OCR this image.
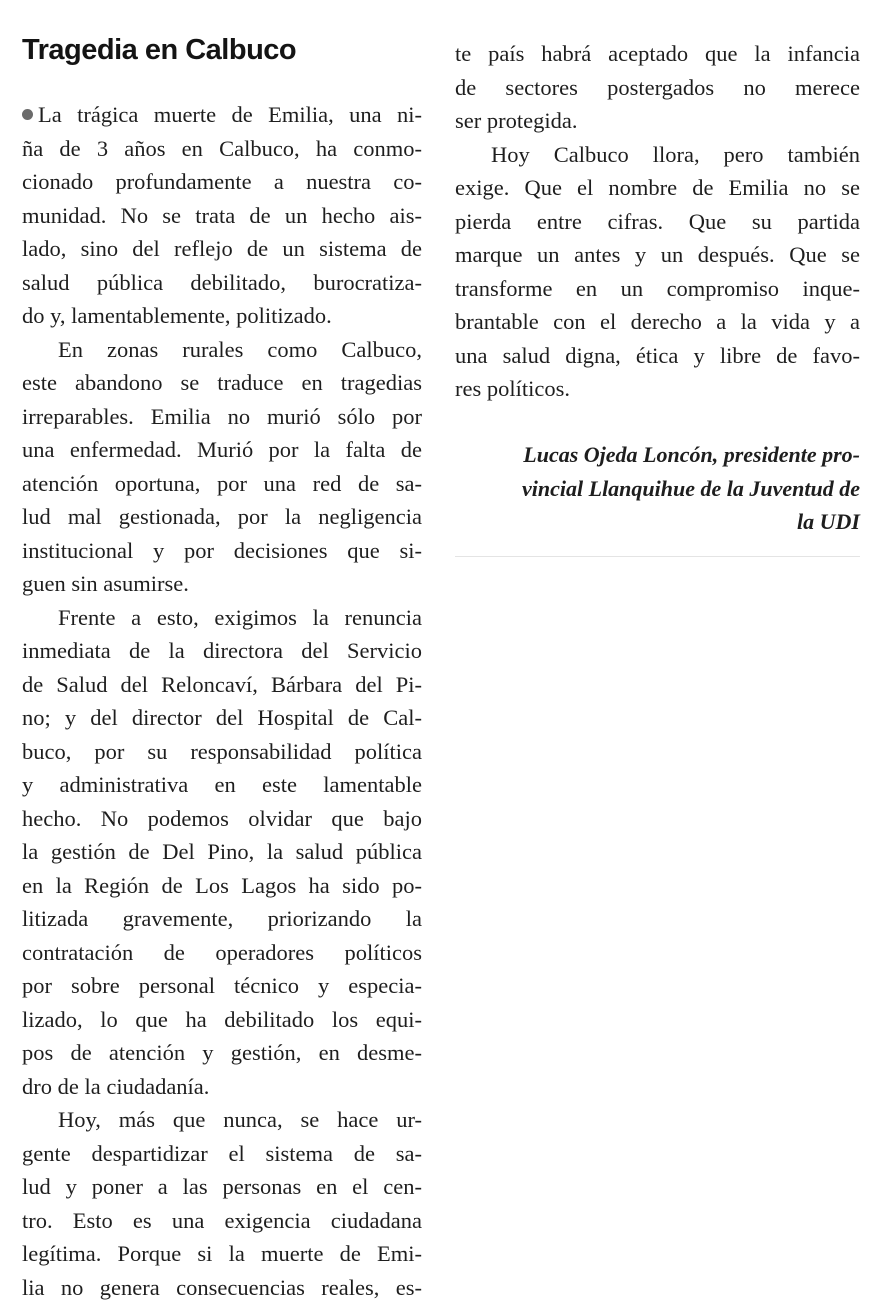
Tragedia en Calbuco
La trágica muerte de Emilia, una ni-
ña de 3 años en Calbuco, ha conmo-
cionado profundamente a nuestra co-
munidad. No se trata de un hecho ais-
lado, sino del reflejo de un sistema de
salud pública debilitado, burocratiza-
do y, lamentablemente, politizado.
En zonas rurales como Calbuco,
este abandono se traduce en tragedias
irreparables. Emilia no murió sólo por
una enfermedad. Murió por la falta de
atención oportuna, por una red de sa-
lud mal gestionada, por la negligencia
institucional y por decisiones que si-
guen sin asumirse.
Frente a esto, exigimos la renuncia
inmediata de la directora del Servicio
de Salud del Reloncaví, Bárbara del Pi-
no; y del director del Hospital de Cal-
buco, por su responsabilidad política
y administrativa en este lamentable
hecho. No podemos olvidar que bajo
la gestión de Del Pino, la salud pública
en la Región de Los Lagos ha sido po-
litizada gravemente, priorizando la
contratación de operadores políticos
por sobre personal técnico y especia-
lizado, lo que ha debilitado los equi-
pos de atención y gestión, en desme-
dro de la ciudadanía.
Hoy, más que nunca, se hace ur-
gente despartidizar el sistema de sa-
lud y poner a las personas en el cen-
tro. Esto es una exigencia ciudadana
legítima. Porque si la muerte de Emi-
lia no genera consecuencias reales, es-
te país habrá aceptado que la infancia
de sectores postergados no merece
ser protegida.
Hoy Calbuco llora, pero también
exige. Que el nombre de Emilia no se
pierda entre cifras. Que su partida
marque un antes y un después. Que se
transforme en un compromiso inque-
brantable con el derecho a la vida y a
una salud digna, ética y libre de favo-
res políticos.
Lucas Ojeda Loncón, presidente pro-
vincial Llanquihue de la Juventud de
la UDI
